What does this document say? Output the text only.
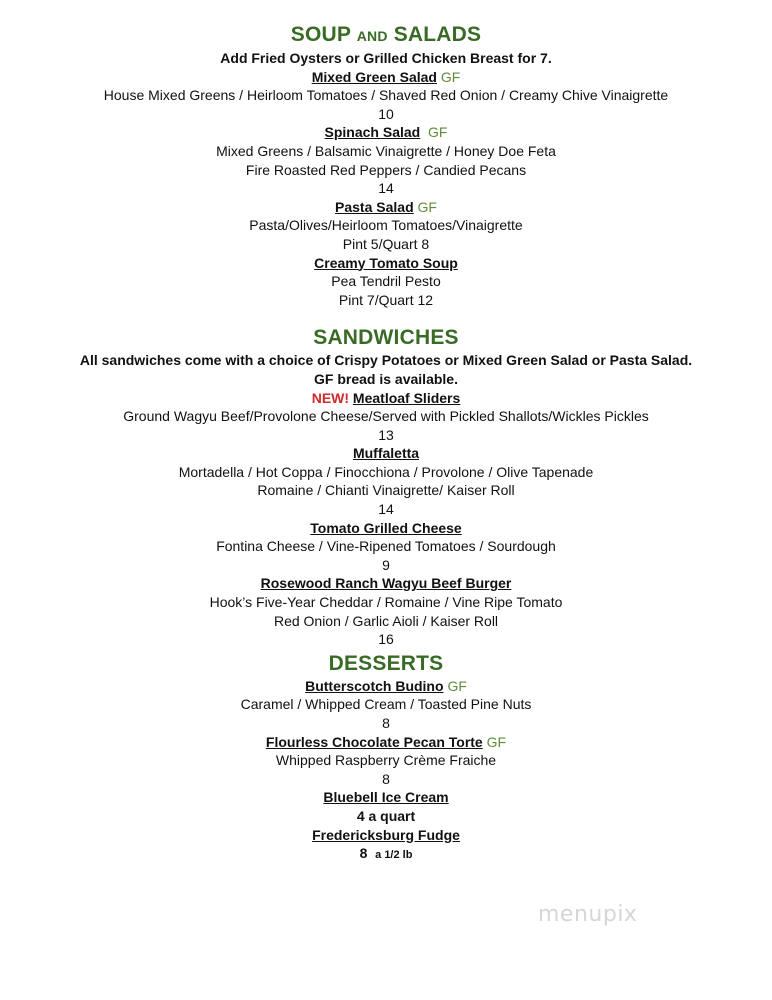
SOUP AND SALADS
Add Fried Oysters or Grilled Chicken Breast for 7.
Mixed Green Salad GF
House Mixed Greens / Heirloom Tomatoes / Shaved Red Onion / Creamy Chive Vinaigrette
10
Spinach Salad GF
Mixed Greens / Balsamic Vinaigrette / Honey Doe Feta
Fire Roasted Red Peppers / Candied Pecans
14
Pasta Salad GF
Pasta/Olives/Heirloom Tomatoes/Vinaigrette
Pint 5/Quart 8
Creamy Tomato Soup
Pea Tendril Pesto
Pint 7/Quart 12
SANDWICHES
All sandwiches come with a choice of Crispy Potatoes or Mixed Green Salad or Pasta Salad.
GF bread is available.
NEW! Meatloaf Sliders
Ground Wagyu Beef/Provolone Cheese/Served with Pickled Shallots/Wickles Pickles
13
Muffaletta
Mortadella / Hot Coppa / Finocchiona / Provolone / Olive Tapenade
Romaine / Chianti Vinaigrette/ Kaiser Roll
14
Tomato Grilled Cheese
Fontina Cheese / Vine-Ripened Tomatoes / Sourdough
9
Rosewood Ranch Wagyu Beef Burger
Hook’s Five-Year Cheddar / Romaine / Vine Ripe Tomato
Red Onion / Garlic Aioli / Kaiser Roll
16
DESSERTS
Butterscotch Budino GF
Caramel / Whipped Cream / Toasted Pine Nuts
8
Flourless Chocolate Pecan Torte GF
Whipped Raspberry Crème Fraiche
8
Bluebell Ice Cream
4 a quart
Fredericksburg Fudge
8 a 1/2 lb
menupix
